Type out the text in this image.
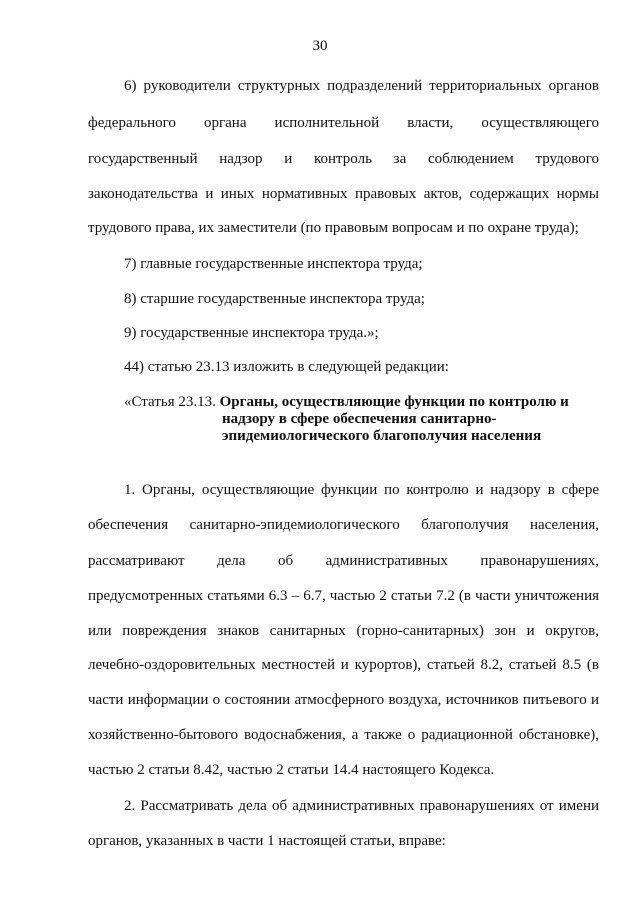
30
6) руководители структурных подразделений территориальных органов
федерального органа исполнительной власти, осуществляющего
государственный надзор и контроль за соблюдением трудового
законодательства и иных нормативных правовых актов, содержащих нормы
трудового права, их заместители (по правовым вопросам и по охране труда);
7) главные государственные инспектора труда;
8) старшие государственные инспектора труда;
9) государственные инспектора труда.»;
44) статью 23.13 изложить в следующей редакции:
«Статья 23.13. Органы, осуществляющие функции по контролю и
надзору в сфере обеспечения санитарно-
эпидемиологического благополучия населения
1. Органы, осуществляющие функции по контролю и надзору в сфере
обеспечения санитарно-эпидемиологического благополучия населения,
рассматривают дела об административных правонарушениях,
предусмотренных статьями 6.3 – 6.7, частью 2 статьи 7.2 (в части уничтожения
или повреждения знаков санитарных (горно-санитарных) зон и округов,
лечебно-оздоровительных местностей и курортов), статьей 8.2, статьей 8.5 (в
части информации о состоянии атмосферного воздуха, источников питьевого и
хозяйственно-бытового водоснабжения, а также о радиационной обстановке),
частью 2 статьи 8.42, частью 2 статьи 14.4 настоящего Кодекса.
2. Рассматривать дела об административных правонарушениях от имени
органов, указанных в части 1 настоящей статьи, вправе:
